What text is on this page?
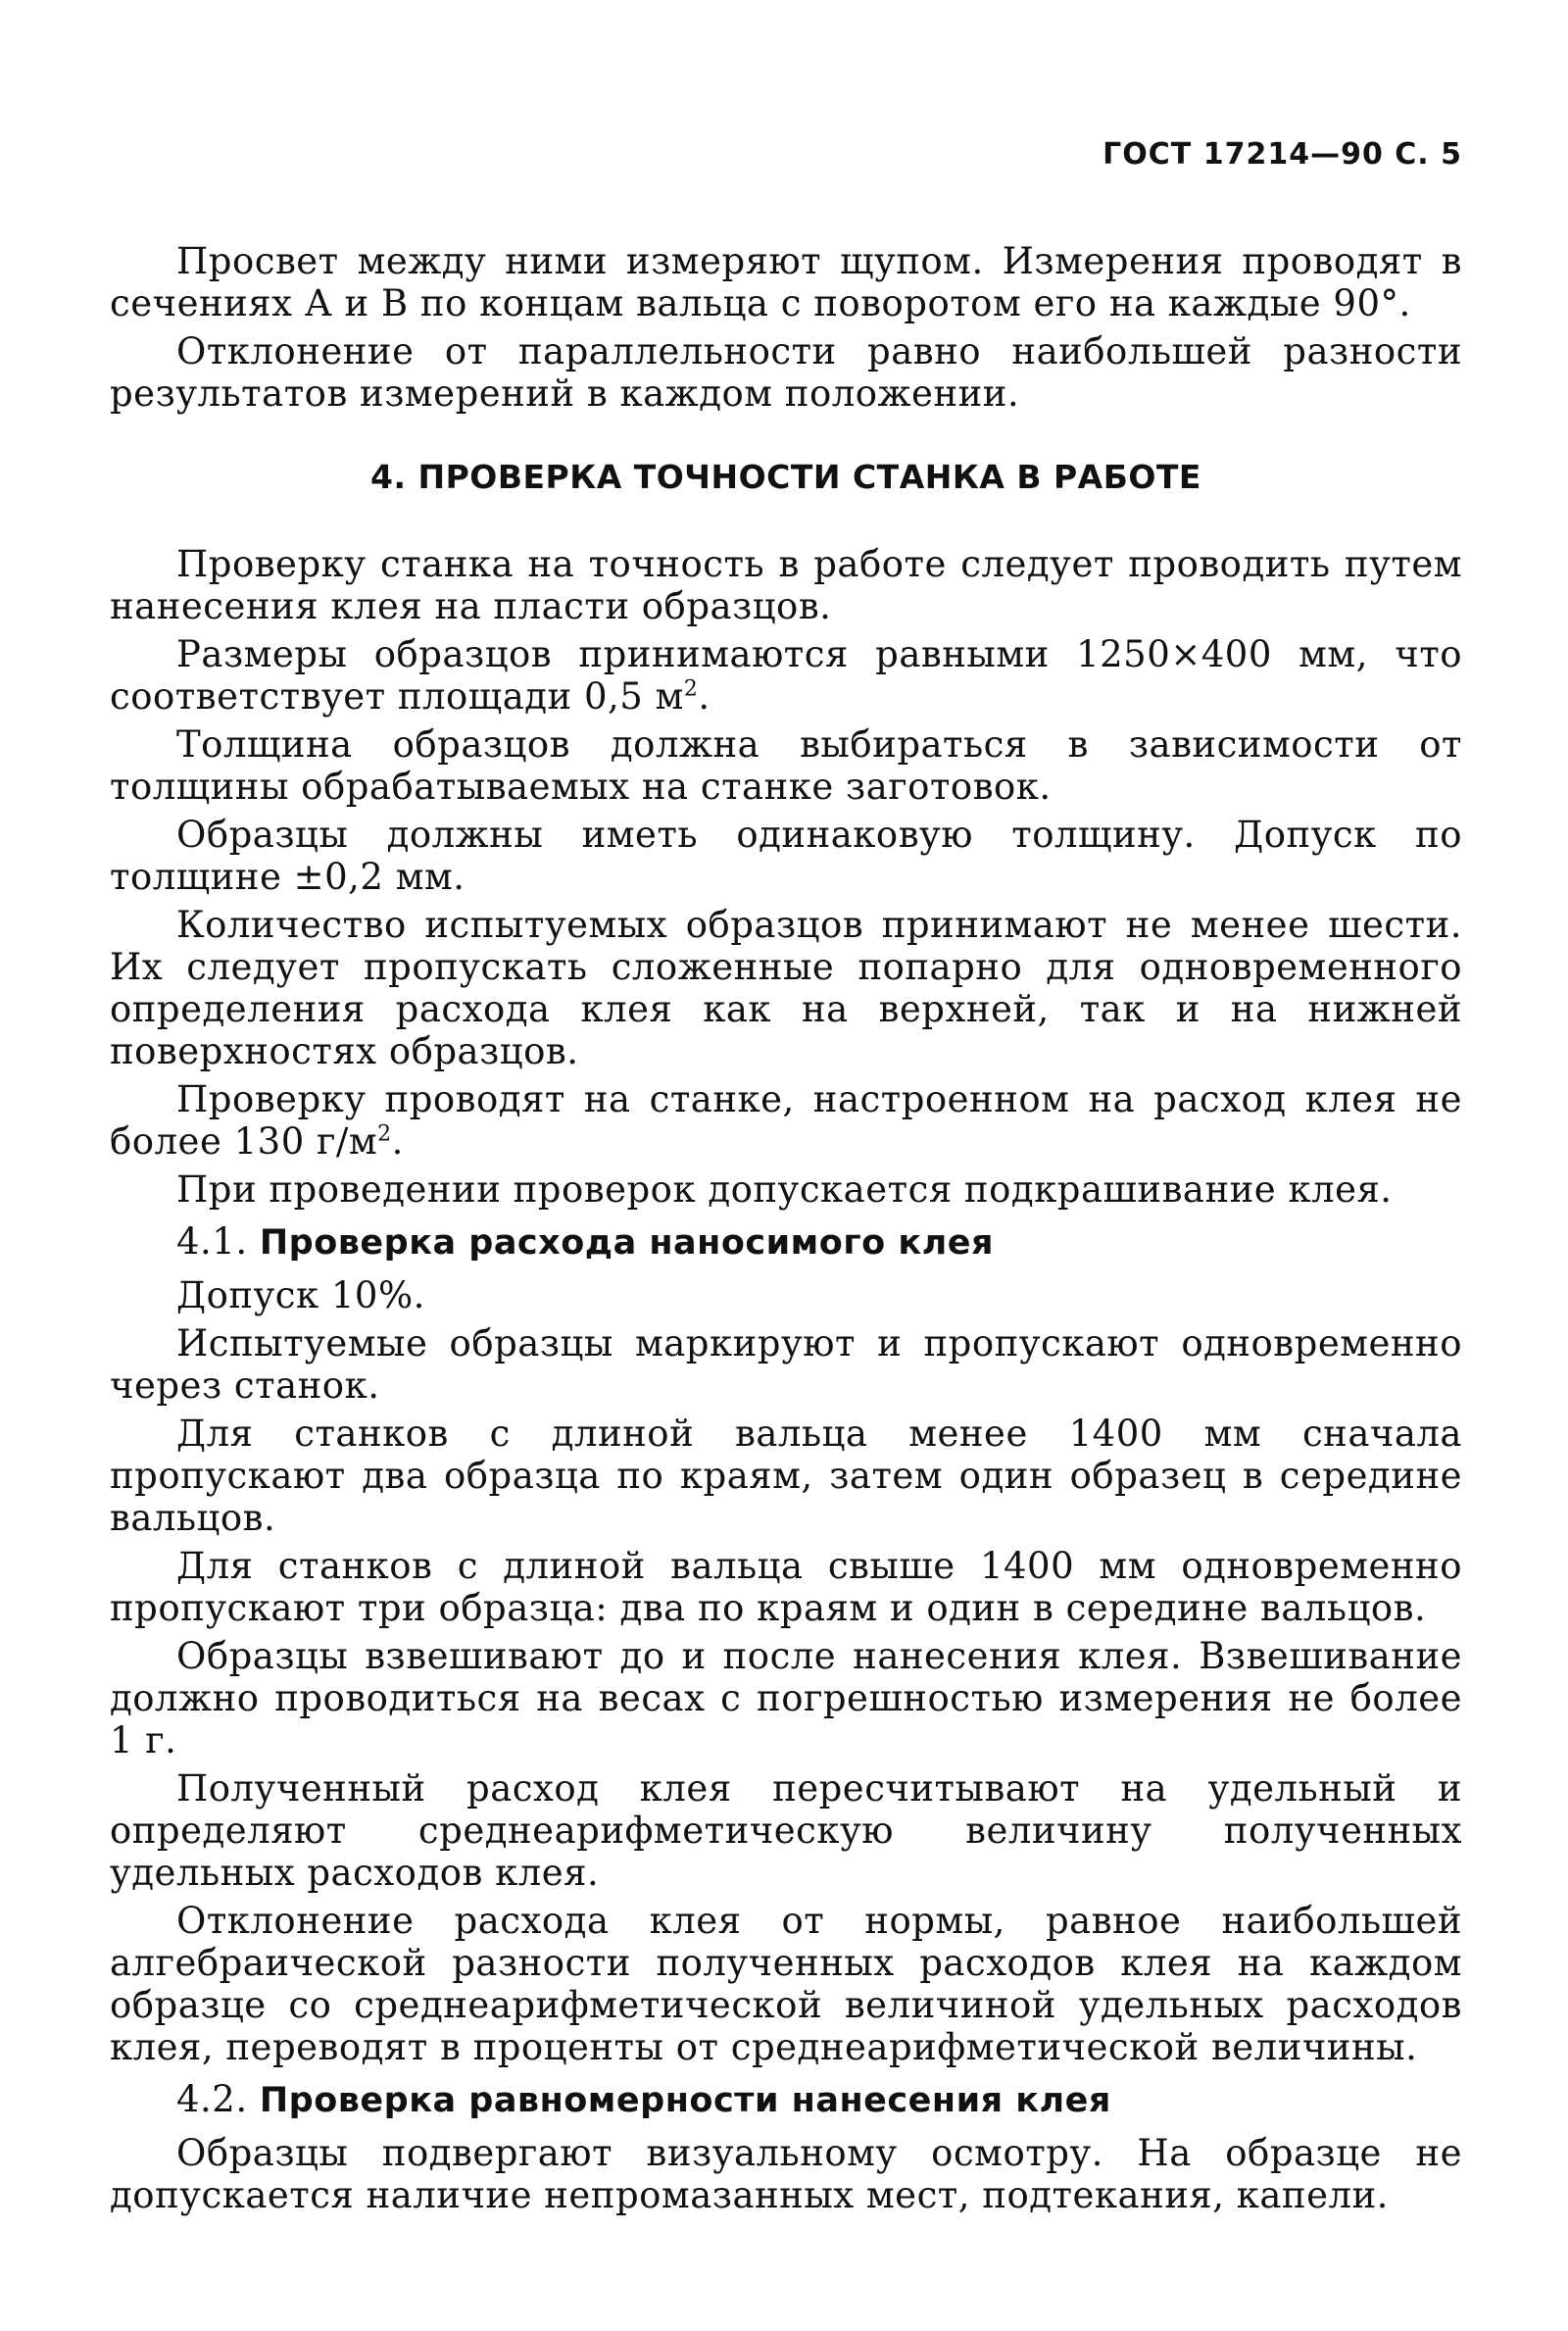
ГОСТ 17214—90 С. 5

Просвет между ними измеряют щупом. Измерения проводят в сечениях А и В по концам вальца с поворотом его на каждые 90°.

Отклонение от параллельности равно наибольшей разности результатов измерений в каждом положении.

4. ПРОВЕРКА ТОЧНОСТИ СТАНКА В РАБОТЕ

Проверку станка на точность в работе следует проводить путем нанесения клея на пласти образцов.

Размеры образцов принимаются равными 1250×400 мм, что соответствует площади 0,5 $м^2$.

Толщина образцов должна выбираться в зависимости от толщины обрабатываемых на станке заготовок.

Образцы должны иметь одинаковую толщину. Допуск по толщине ±0,2 мм.

Количество испытуемых образцов принимают не менее шести. Их следует пропускать сложенные попарно для одновременного определения расхода клея как на верхней, так и на нижней поверхностях образцов.

Проверку проводят на станке, настроенном на расход клея не более 130 $г/м^2$.

При проведении проверок допускается подкрашивание клея.

4.1. Проверка расхода наносимого клея

Допуск 10%.

Испытуемые образцы маркируют и пропускают одновременно через станок.

Для станков с длиной вальца менее 1400 мм сначала пропускают два образца по краям, затем один образец в середине вальцов.

Для станков с длиной вальца свыше 1400 мм одновременно пропускают три образца: два по краям и один в середине вальцов.

Образцы взвешивают до и после нанесения клея. Взвешивание должно проводиться на весах с погрешностью измерения не более 1 г.

Полученный расход клея пересчитывают на удельный и определяют среднеарифметическую величину полученных удельных расходов клея.

Отклонение расхода клея от нормы, равное наибольшей алгебраической разности полученных расходов клея на каждом образце со среднеарифметической величиной удельных расходов клея, переводят в проценты от среднеарифметической величины.

4.2. Проверка равномерности нанесения клея

Образцы подвергают визуальному осмотру. На образце не допускается наличие непромазанных мест, подтекания, капели.
